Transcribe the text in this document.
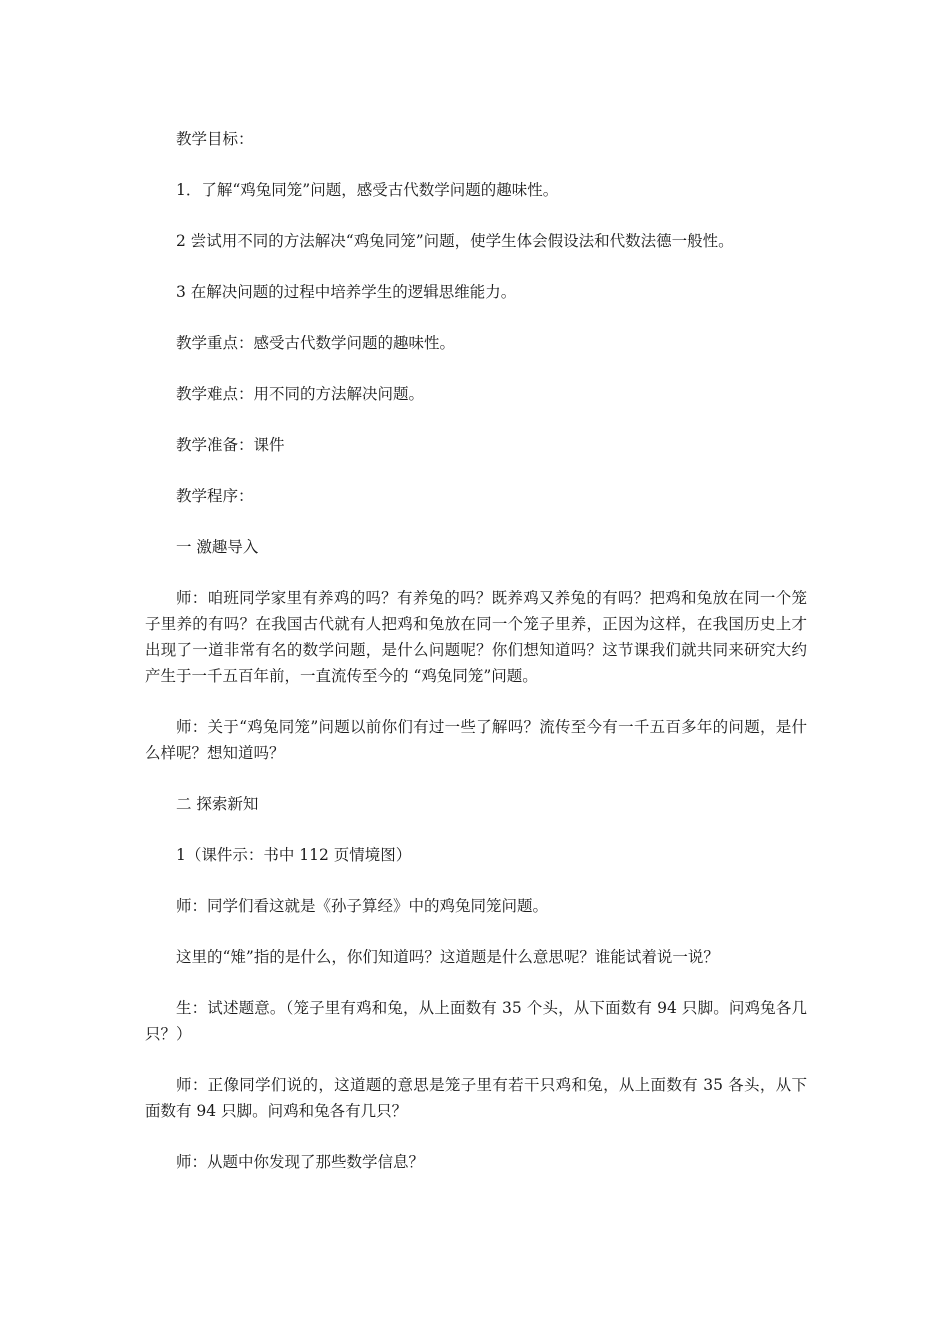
教学目标：

1．了解“鸡兔同笼”问题，感受古代数学问题的趣味性。

2 尝试用不同的方法解决“鸡兔同笼”问题，使学生体会假设法和代数法德一般性。

3 在解决问题的过程中培养学生的逻辑思维能力。

教学重点：感受古代数学问题的趣味性。

教学难点：用不同的方法解决问题。

教学准备：课件

教学程序：

一 激趣导入

师：咱班同学家里有养鸡的吗？有养兔的吗？既养鸡又养兔的有吗？把鸡和兔放在同一个笼子里养的有吗？在我国古代就有人把鸡和兔放在同一个笼子里养，正因为这样，在我国历史上才出现了一道非常有名的数学问题，是什么问题呢？你们想知道吗？这节课我们就共同来研究大约产生于一千五百年前，一直流传至今的 “鸡兔同笼”问题。

师：关于“鸡兔同笼”问题以前你们有过一些了解吗？流传至今有一千五百多年的问题，是什么样呢？想知道吗？

二 探索新知

1（课件示：书中 112 页情境图）

师：同学们看这就是《孙子算经》中的鸡兔同笼问题。

这里的“雉”指的是什么，你们知道吗？这道题是什么意思呢？谁能试着说一说？

生：试述题意。（笼子里有鸡和兔，从上面数有 35 个头，从下面数有 94 只脚。问鸡兔各几只？）

师：正像同学们说的，这道题的意思是笼子里有若干只鸡和兔，从上面数有 35 各头，从下面数有 94 只脚。问鸡和兔各有几只？

师：从题中你发现了那些数学信息？
